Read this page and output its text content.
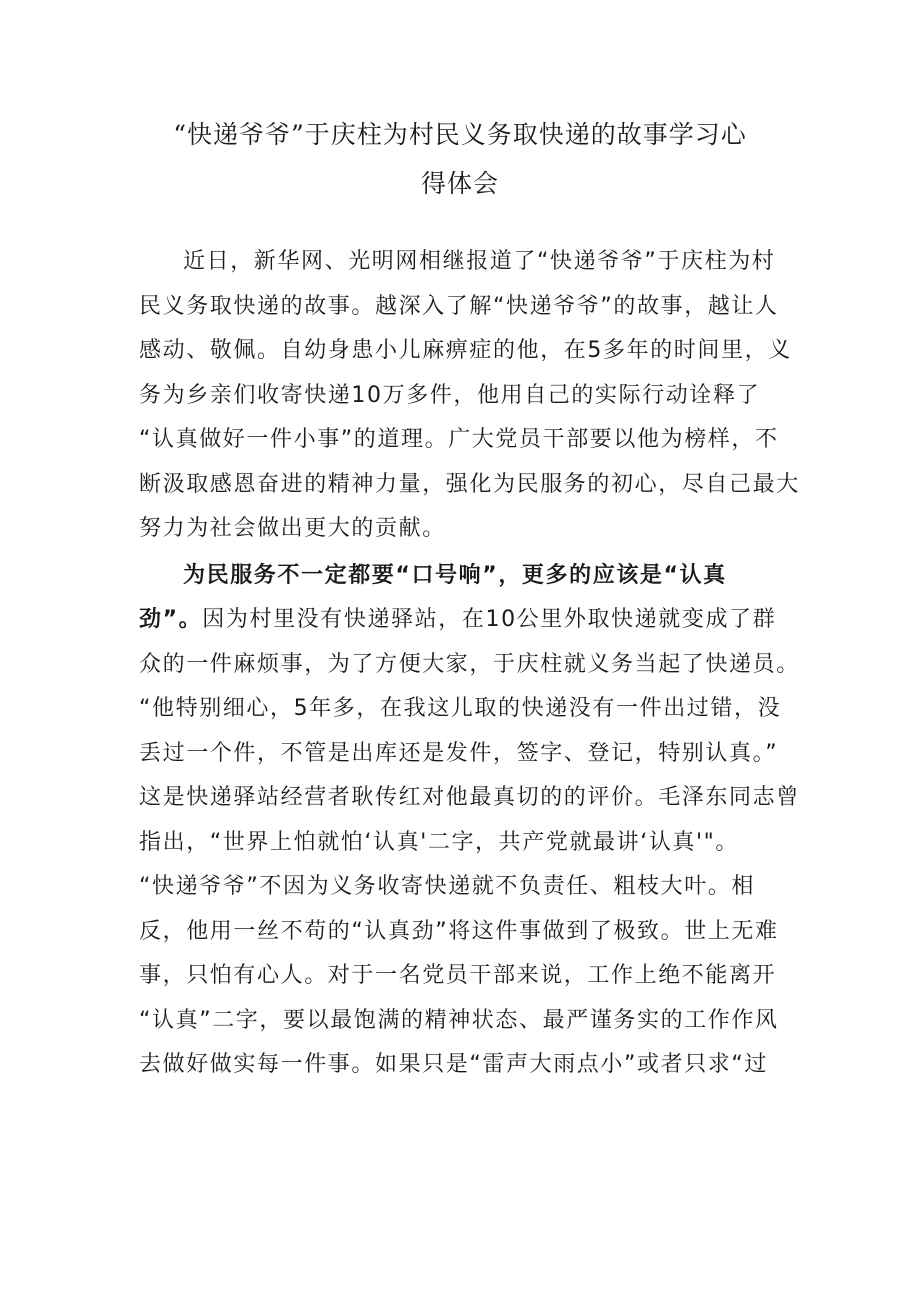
“快递爷爷”于庆柱为村民义务取快递的故事学习心
得体会

近日，新华网、光明网相继报道了“快递爷爷”于庆柱为村
民义务取快递的故事。越深入了解“快递爷爷”的故事，越让人
感动、敬佩。自幼身患小儿麻痹症的他，在5多年的时间里，义
务为乡亲们收寄快递10万多件，他用自己的实际行动诠释了
“认真做好一件小事”的道理。广大党员干部要以他为榜样，不
断汲取感恩奋进的精神力量，强化为民服务的初心，尽自己最大
努力为社会做出更大的贡献。

为民服务不一定都要“口号响”，更多的应该是“认真
劲”。因为村里没有快递驿站，在10公里外取快递就变成了群
众的一件麻烦事，为了方便大家，于庆柱就义务当起了快递员。
“他特别细心，5年多，在我这儿取的快递没有一件出过错，没
丢过一个件，不管是出库还是发件，签字、登记，特别认真。”
这是快递驿站经营者耿传红对他最真切的的评价。毛泽东同志曾
指出，“世界上怕就怕‘认真'二字，共产党就最讲‘认真'"。
“快递爷爷”不因为义务收寄快递就不负责任、粗枝大叶。相
反，他用一丝不苟的“认真劲”将这件事做到了极致。世上无难
事，只怕有心人。对于一名党员干部来说，工作上绝不能离开
“认真”二字，要以最饱满的精神状态、最严谨务实的工作作风
去做好做实每一件事。如果只是“雷声大雨点小”或者只求“过
